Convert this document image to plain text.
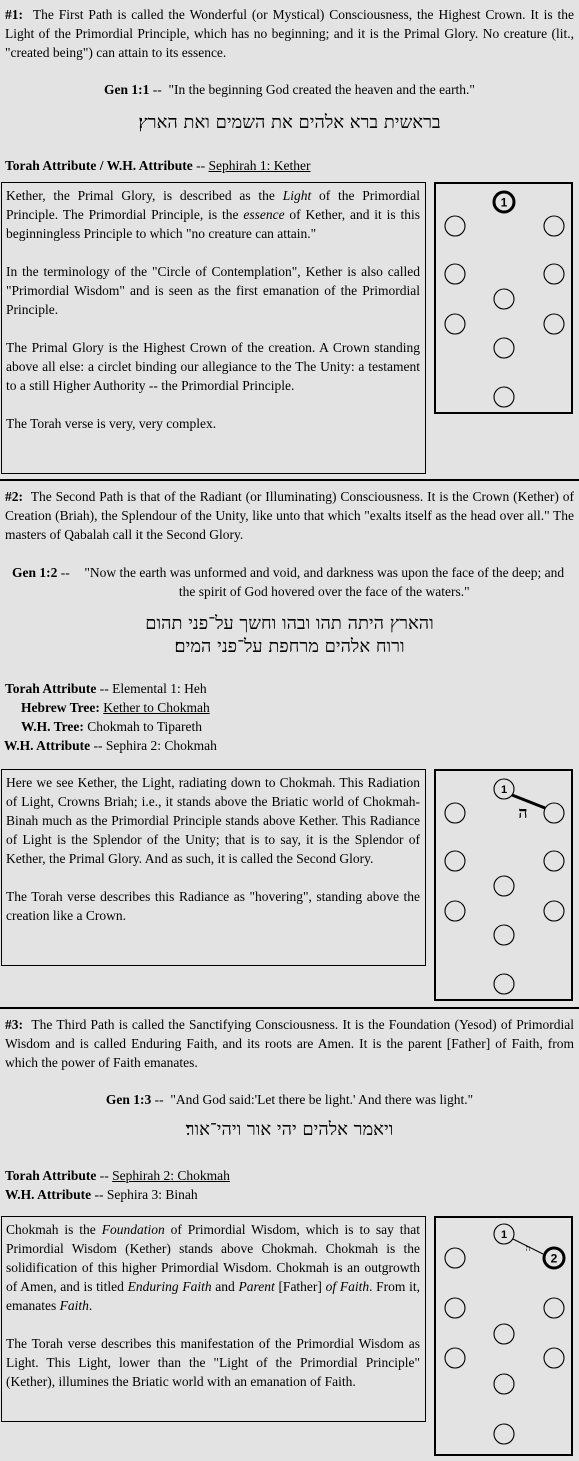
#1: The First Path is called the Wonderful (or Mystical) Consciousness, the Highest Crown. It is the Light of the Primordial Principle, which has no beginning; and it is the Primal Glory. No creature (lit., "created being") can attain to its essence.
Gen 1:1 -- "In the beginning God created the heaven and the earth."
בראשית ברא אלהים את השמים ואת הארץ׃
Torah Attribute / W.H. Attribute -- Sephirah 1: Kether

Kether, the Primal Glory, is described as the Light of the Primordial Principle. The Primordial Principle, is the essence of Kether, and it is this beginningless Principle to which "no creature can attain."

In the terminology of the "Circle of Contemplation", Kether is also called "Primordial Wisdom" and is seen as the first emanation of the Primordial Principle.

The Primal Glory is the Highest Crown of the creation. A Crown standing above all else: a circlet binding our allegiance to the The Unity: a testament to a still Higher Authority -- the Primordial Principle.

The Torah verse is very, very complex.

1
#2: The Second Path is that of the Radiant (or Illuminating) Consciousness. It is the Crown (Kether) of Creation (Briah), the Splendour of the Unity, like unto that which "exalts itself as the head over all." The masters of Qabalah call it the Second Glory.
Gen 1:2 --	"Now the earth was unformed and void, and darkness was upon the face of the deep; and the spirit of God hovered over the face of the waters."
והארץ היתה תהו ובהו וחשך על־פני תהום
ורוח אלהים מרחפת על־פני המים׃
Torah Attribute -- Elemental 1: Heh
Hebrew Tree: Kether to Chokmah
W.H. Tree: Chokmah to Tipareth
W.H. Attribute -- Sephira 2: Chokmah

Here we see Kether, the Light, radiating down to Chokmah. This Radiation of Light, Crowns Briah; i.e., it stands above the Briatic world of Chokmah-Binah much as the Primordial Principle stands above Kether. This Radiance of Light is the Splendor of the Unity; that is to say, it is the Splendor of Kether, the Primal Glory. And as such, it is called the Second Glory.

The Torah verse describes this Radiance as "hovering", standing above the creation like a Crown.

1
ה
#3: The Third Path is called the Sanctifying Consciousness. It is the Foundation (Yesod) of Primordial Wisdom and is called Enduring Faith, and its roots are Amen. It is the parent [Father] of Faith, from which the power of Faith emanates.
Gen 1:3 -- "And God said:'Let there be light.' And there was light."
ויאמר אלהים יהי אור ויהי־אור׃
Torah Attribute -- Sephirah 2: Chokmah
W.H. Attribute -- Sephira 3: Binah

Chokmah is the Foundation of Primordial Wisdom, which is to say that Primordial Wisdom (Kether) stands above Chokmah. Chokmah is the solidification of this higher Primordial Wisdom. Chokmah is an outgrowth of Amen, and is titled Enduring Faith and Parent [Father] of Faith. From it, emanates Faith.

The Torah verse describes this manifestation of the Primordial Wisdom as Light. This Light, lower than the "Light of the Primordial Principle" (Kether), illumines the Briatic world with an emanation of Faith.

1
2
ה
